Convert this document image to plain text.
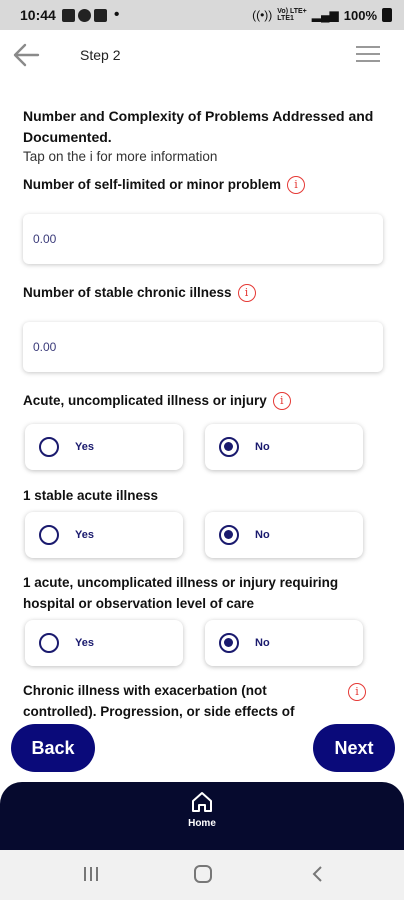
10:44	•	((•)) Vo) LTE+
LTE1	▂▄▆ 100%
Step 2
Number and Complexity of Problems Addressed and Documented.
Tap on the i for more information
Number of self-limited or minor problem i
0.00
Number of stable chronic illness i
0.00
Acute, uncomplicated illness or injury i
Yes	No
1 stable acute illness
Yes	No
1 acute, uncomplicated illness or injury requiring hospital or observation level of care
Yes	No
Chronic illness with exacerbation (not controlled). Progression, or side effects of
i
Back	Next
Home
